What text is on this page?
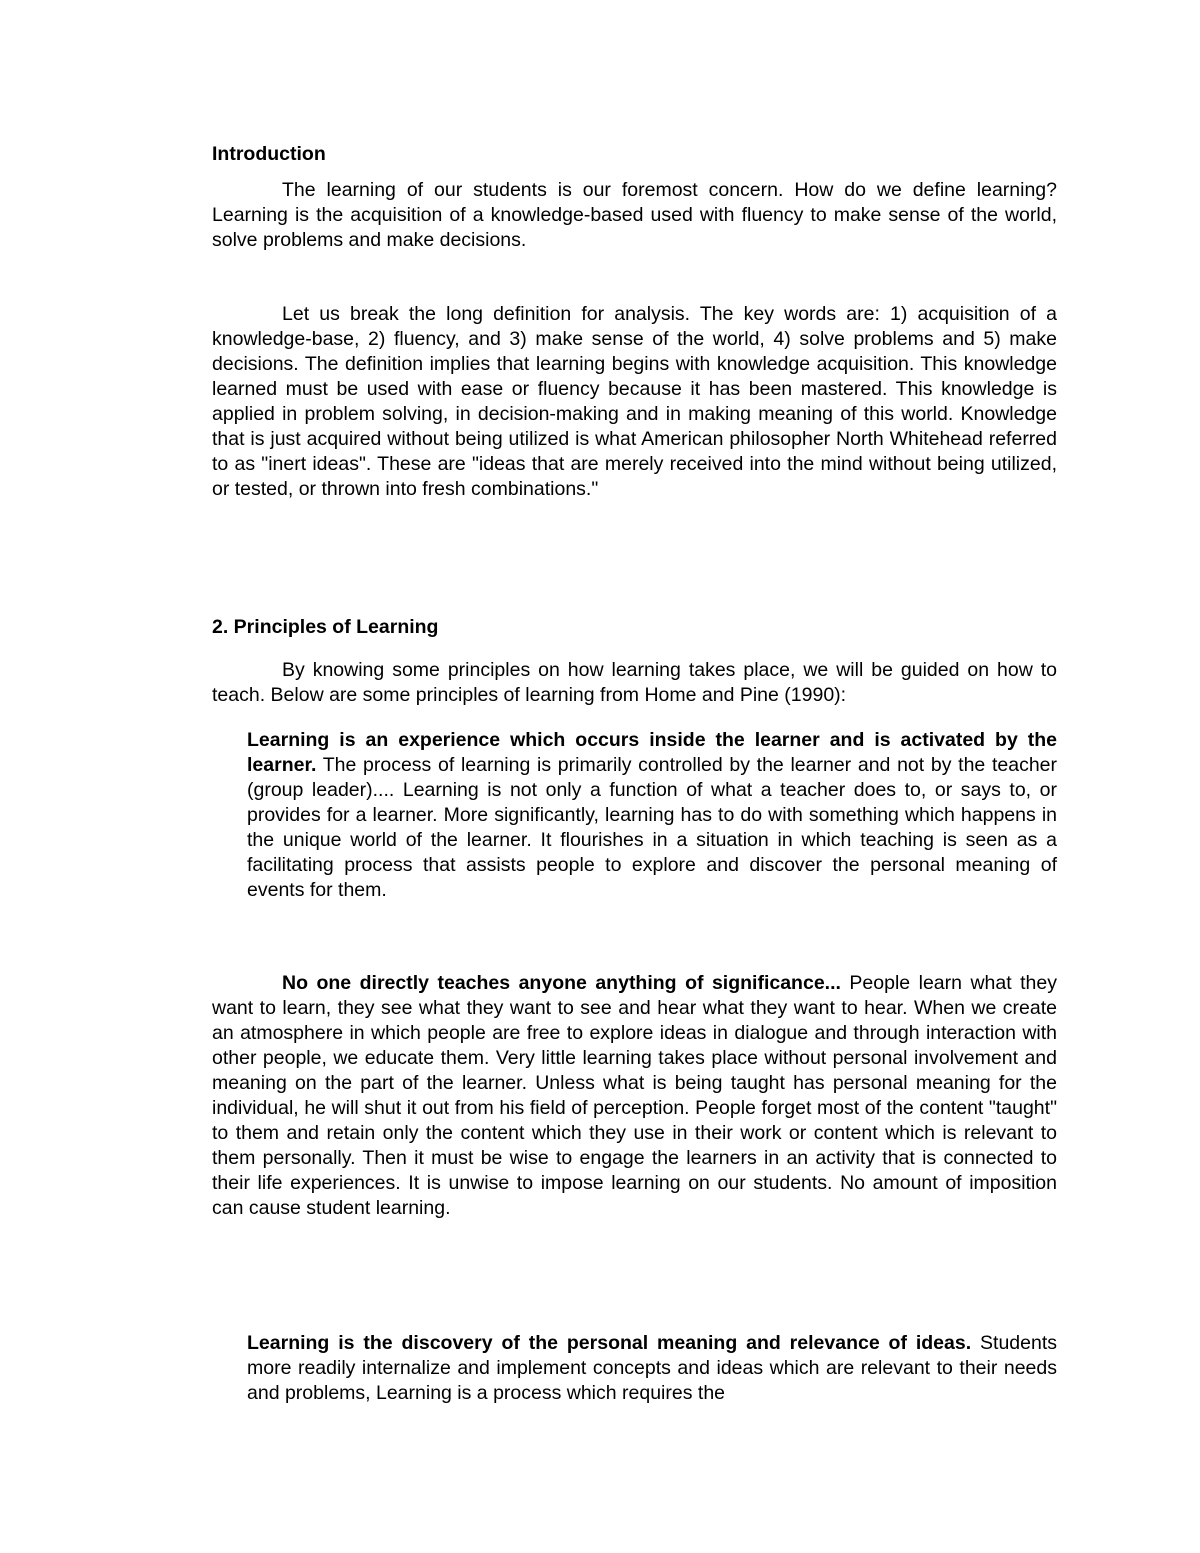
Introduction

The learning of our students is our foremost concern. How do we define learning? Learning is the acquisition of a knowledge-based used with fluency to make sense of the world, solve problems and make decisions.

Let us break the long definition for analysis. The key words are: 1) acquisition of a knowledge-base, 2) fluency, and 3) make sense of the world, 4) solve problems and 5) make decisions. The definition implies that learning begins with knowledge acquisition. This knowledge learned must be used with ease or fluency because it has been mastered. This knowledge is applied in problem solving, in decision-making and in making meaning of this world. Knowledge that is just acquired without being utilized is what American philosopher North Whitehead referred to as "inert ideas". These are "ideas that are merely received into the mind without being utilized, or tested, or thrown into fresh combinations."

2. Principles of Learning

By knowing some principles on how learning takes place, we will be guided on how to teach. Below are some principles of learning from Home and Pine (1990):

Learning is an experience which occurs inside the learner and is activated by the learner. The process of learning is primarily controlled by the learner and not by the teacher (group leader).... Learning is not only a function of what a teacher does to, or says to, or provides for a learner. More significantly, learning has to do with something which happens in the unique world of the learner. It flourishes in a situation in which teaching is seen as a facilitating process that assists people to explore and discover the personal meaning of events for them.

No one directly teaches anyone anything of significance... People learn what they want to learn, they see what they want to see and hear what they want to hear. When we create an atmosphere in which people are free to explore ideas in dialogue and through interaction with other people, we educate them. Very little learning takes place without personal involvement and meaning on the part of the learner. Unless what is being taught has personal meaning for the individual, he will shut it out from his field of perception. People forget most of the content "taught" to them and retain only the content which they use in their work or content which is relevant to them personally. Then it must be wise to engage the learners in an activity that is connected to their life experiences. It is unwise to impose learning on our students. No amount of imposition can cause student learning.

Learning is the discovery of the personal meaning and relevance of ideas. Students more readily internalize and implement concepts and ideas which are relevant to their needs and problems, Learning is a process which requires the
